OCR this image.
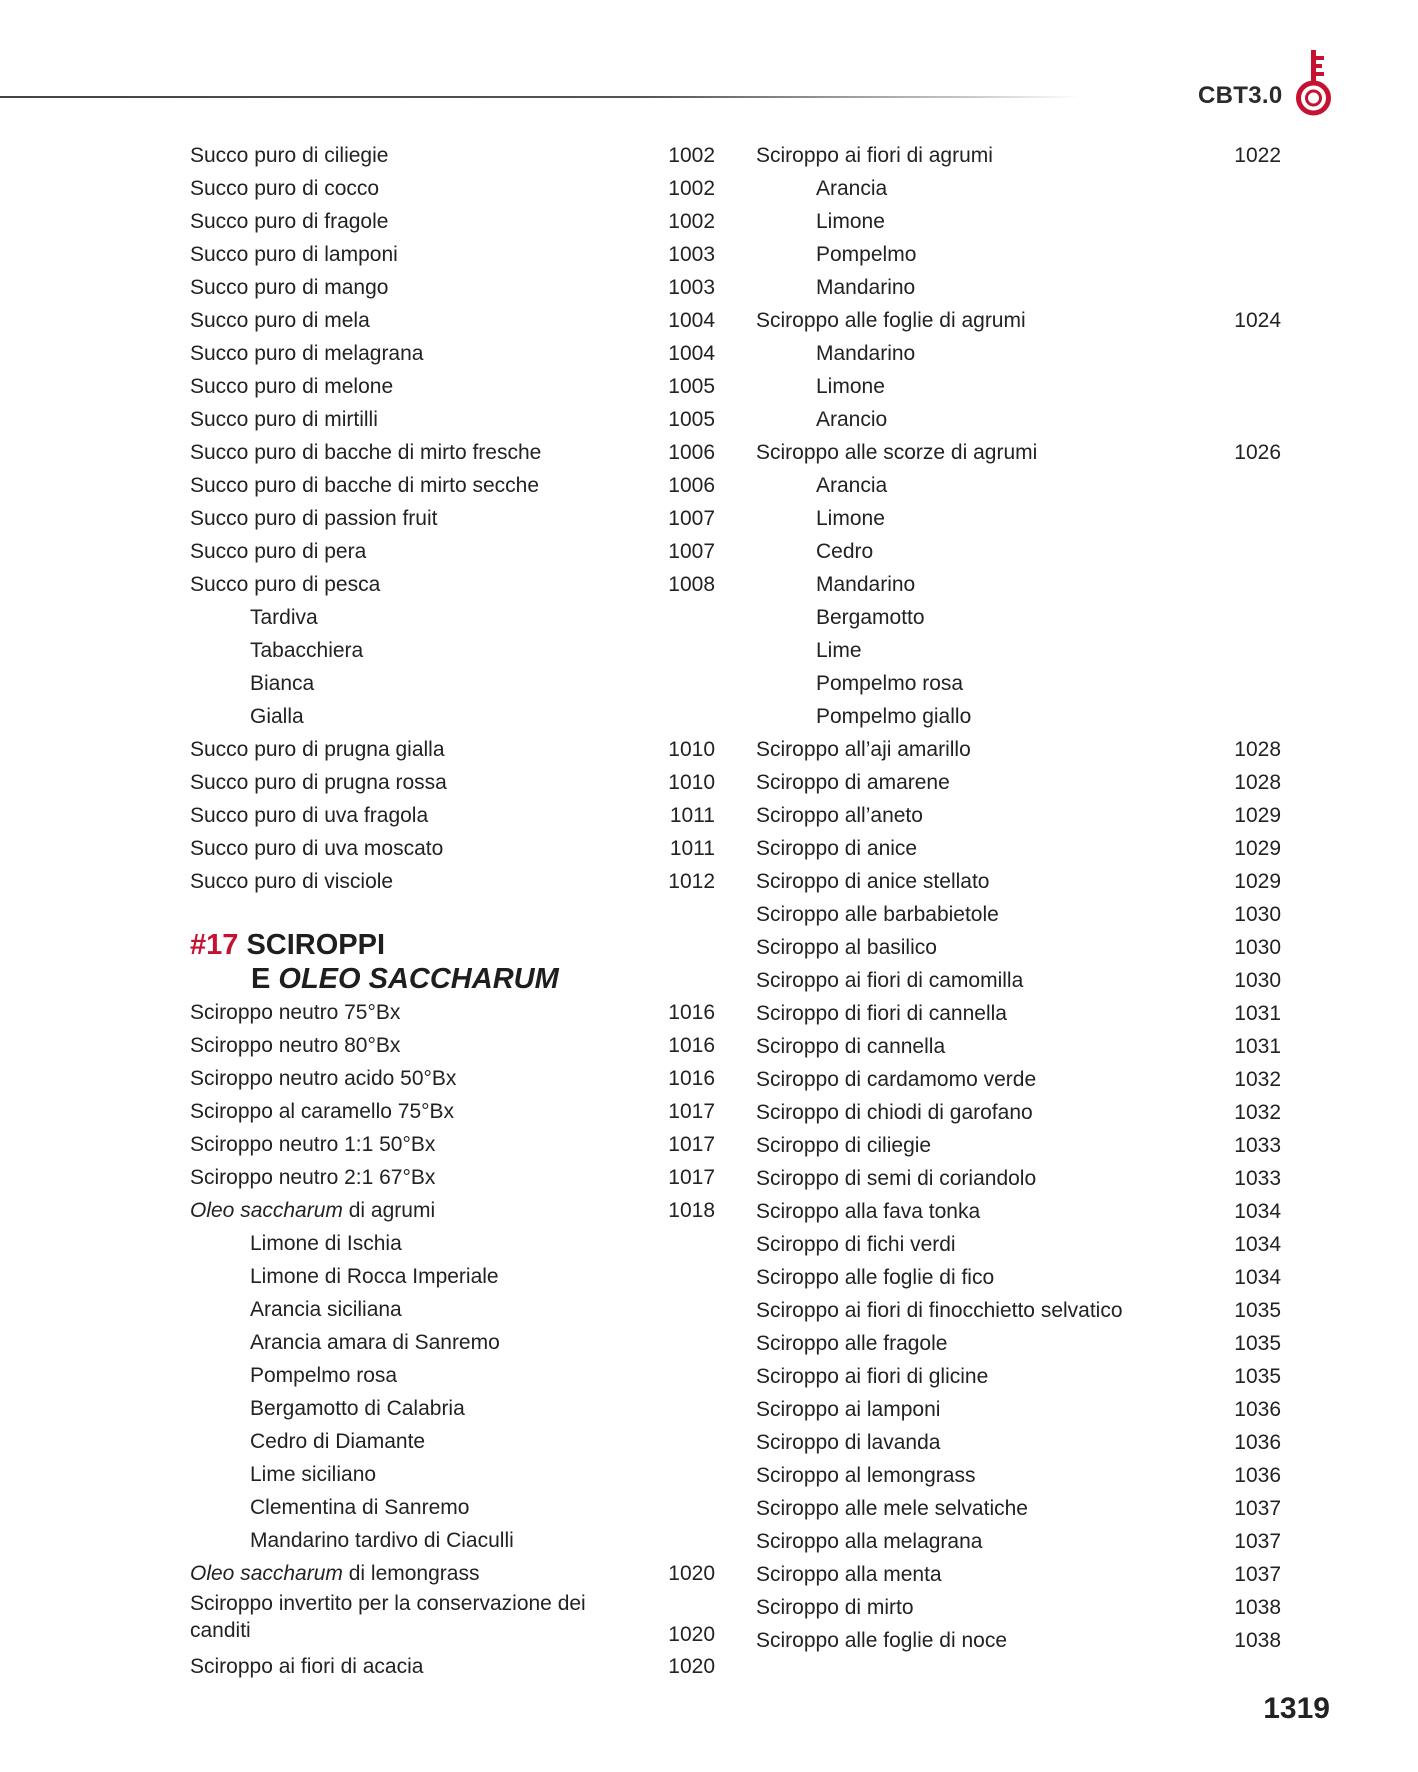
CBT3.0
Succo puro di ciliegie	1002
Succo puro di cocco	1002
Succo puro di fragole	1002
Succo puro di lamponi	1003
Succo puro di mango	1003
Succo puro di mela	1004
Succo puro di melagrana	1004
Succo puro di melone	1005
Succo puro di mirtilli	1005
Succo puro di bacche di mirto fresche	1006
Succo puro di bacche di mirto secche	1006
Succo puro di passion fruit	1007
Succo puro di pera	1007
Succo puro di pesca	1008
Tardiva
Tabacchiera
Bianca
Gialla
Succo puro di prugna gialla	1010
Succo puro di prugna rossa	1010
Succo puro di uva fragola	1011
Succo puro di uva moscato	1011
Succo puro di visciole	1012
#17 SCIROPPI
E OLEO SACCHARUM
Sciroppo neutro 75°Bx	1016
Sciroppo neutro 80°Bx	1016
Sciroppo neutro acido 50°Bx	1016
Sciroppo al caramello 75°Bx	1017
Sciroppo neutro 1:1 50°Bx	1017
Sciroppo neutro 2:1 67°Bx	1017
Oleo saccharum di agrumi	1018
Limone di Ischia
Limone di Rocca Imperiale
Arancia siciliana
Arancia amara di Sanremo
Pompelmo rosa
Bergamotto di Calabria
Cedro di Diamante
Lime siciliano
Clementina di Sanremo
Mandarino tardivo di Ciaculli
Oleo saccharum di lemongrass	1020
Sciroppo invertito per la conservazione dei canditi	1020
Sciroppo ai fiori di acacia	1020
Sciroppo ai fiori di agrumi	1022
Arancia
Limone
Pompelmo
Mandarino
Sciroppo alle foglie di agrumi	1024
Mandarino
Limone
Arancio
Sciroppo alle scorze di agrumi	1026
Arancia
Limone
Cedro
Mandarino
Bergamotto
Lime
Pompelmo rosa
Pompelmo giallo
Sciroppo all’aji amarillo	1028
Sciroppo di amarene	1028
Sciroppo all’aneto	1029
Sciroppo di anice	1029
Sciroppo di anice stellato	1029
Sciroppo alle barbabietole	1030
Sciroppo al basilico	1030
Sciroppo ai fiori di camomilla	1030
Sciroppo di fiori di cannella	1031
Sciroppo di cannella	1031
Sciroppo di cardamomo verde	1032
Sciroppo di chiodi di garofano	1032
Sciroppo di ciliegie	1033
Sciroppo di semi di coriandolo	1033
Sciroppo alla fava tonka	1034
Sciroppo di fichi verdi	1034
Sciroppo alle foglie di fico	1034
Sciroppo ai fiori di finocchietto selvatico	1035
Sciroppo alle fragole	1035
Sciroppo ai fiori di glicine	1035
Sciroppo ai lamponi	1036
Sciroppo di lavanda	1036
Sciroppo al lemongrass	1036
Sciroppo alle mele selvatiche	1037
Sciroppo alla melagrana	1037
Sciroppo alla menta	1037
Sciroppo di mirto	1038
Sciroppo alle foglie di noce	1038
1319
